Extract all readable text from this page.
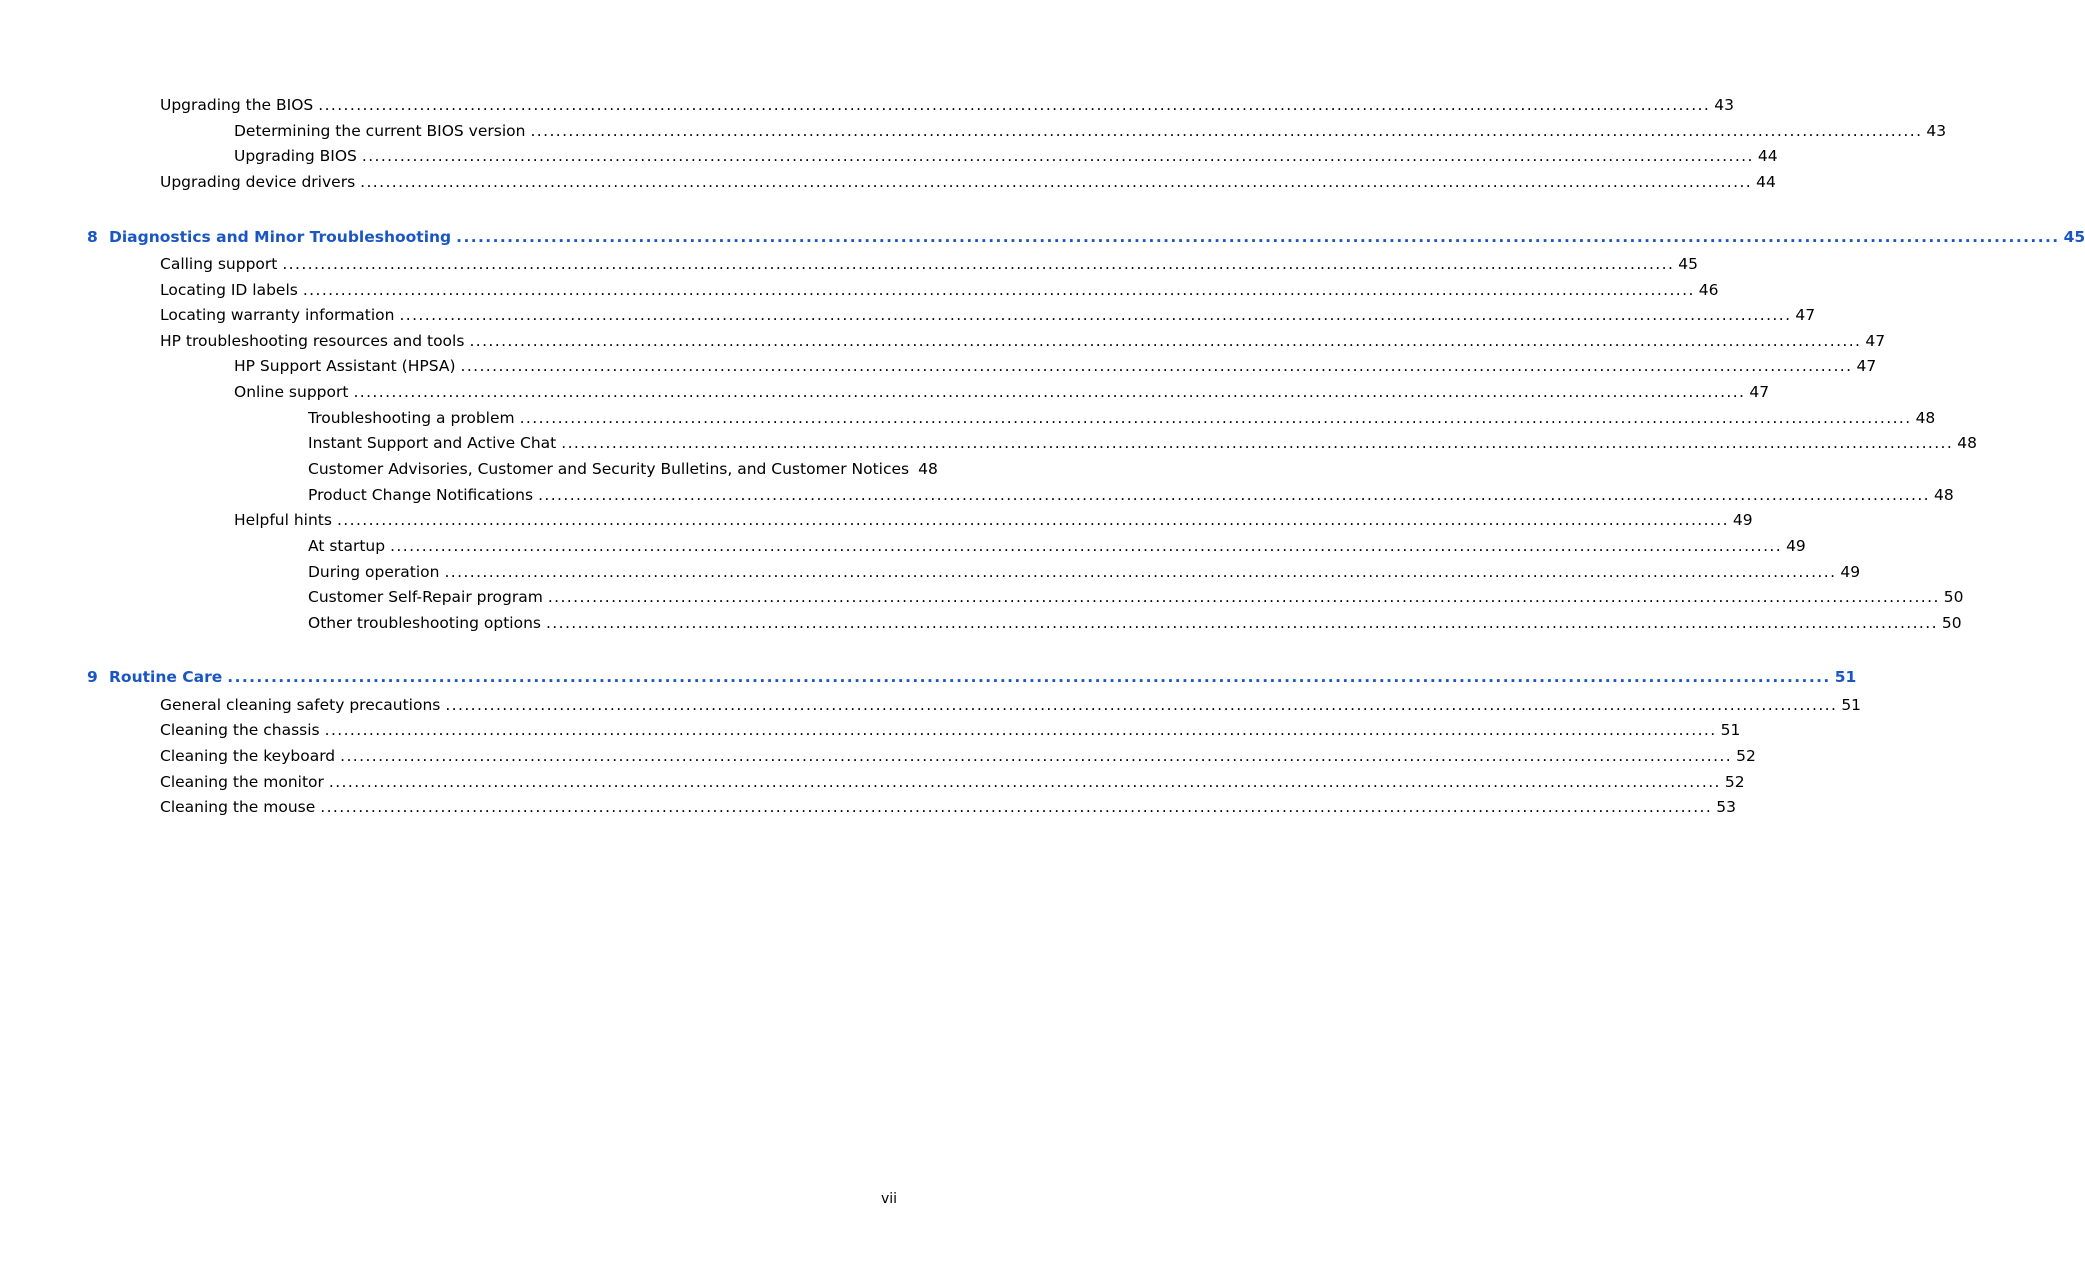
Upgrading the BIOS ............................................................................................................................................................................................................................ 43
Determining the current BIOS version ............................................................................................................................................................................................................................ 43
Upgrading BIOS ............................................................................................................................................................................................................................ 44
Upgrading device drivers ............................................................................................................................................................................................................................ 44
8 Diagnostics and Minor Troubleshooting ............................................................................................................................................................................................................................ 45
Calling support ............................................................................................................................................................................................................................ 45
Locating ID labels ............................................................................................................................................................................................................................ 46
Locating warranty information ............................................................................................................................................................................................................................ 47
HP troubleshooting resources and tools ............................................................................................................................................................................................................................ 47
HP Support Assistant (HPSA) ............................................................................................................................................................................................................................ 47
Online support ............................................................................................................................................................................................................................ 47
Troubleshooting a problem ............................................................................................................................................................................................................................ 48
Instant Support and Active Chat ............................................................................................................................................................................................................................ 48
Customer Advisories, Customer and Security Bulletins, and Customer Notices 48
Product Change Notifications ............................................................................................................................................................................................................................ 48
Helpful hints ............................................................................................................................................................................................................................ 49
At startup ............................................................................................................................................................................................................................ 49
During operation ............................................................................................................................................................................................................................ 49
Customer Self-Repair program ............................................................................................................................................................................................................................ 50
Other troubleshooting options ............................................................................................................................................................................................................................ 50
9 Routine Care ............................................................................................................................................................................................................................ 51
General cleaning safety precautions ............................................................................................................................................................................................................................ 51
Cleaning the chassis ............................................................................................................................................................................................................................ 51
Cleaning the keyboard ............................................................................................................................................................................................................................ 52
Cleaning the monitor ............................................................................................................................................................................................................................ 52
Cleaning the mouse ............................................................................................................................................................................................................................ 53
vii
